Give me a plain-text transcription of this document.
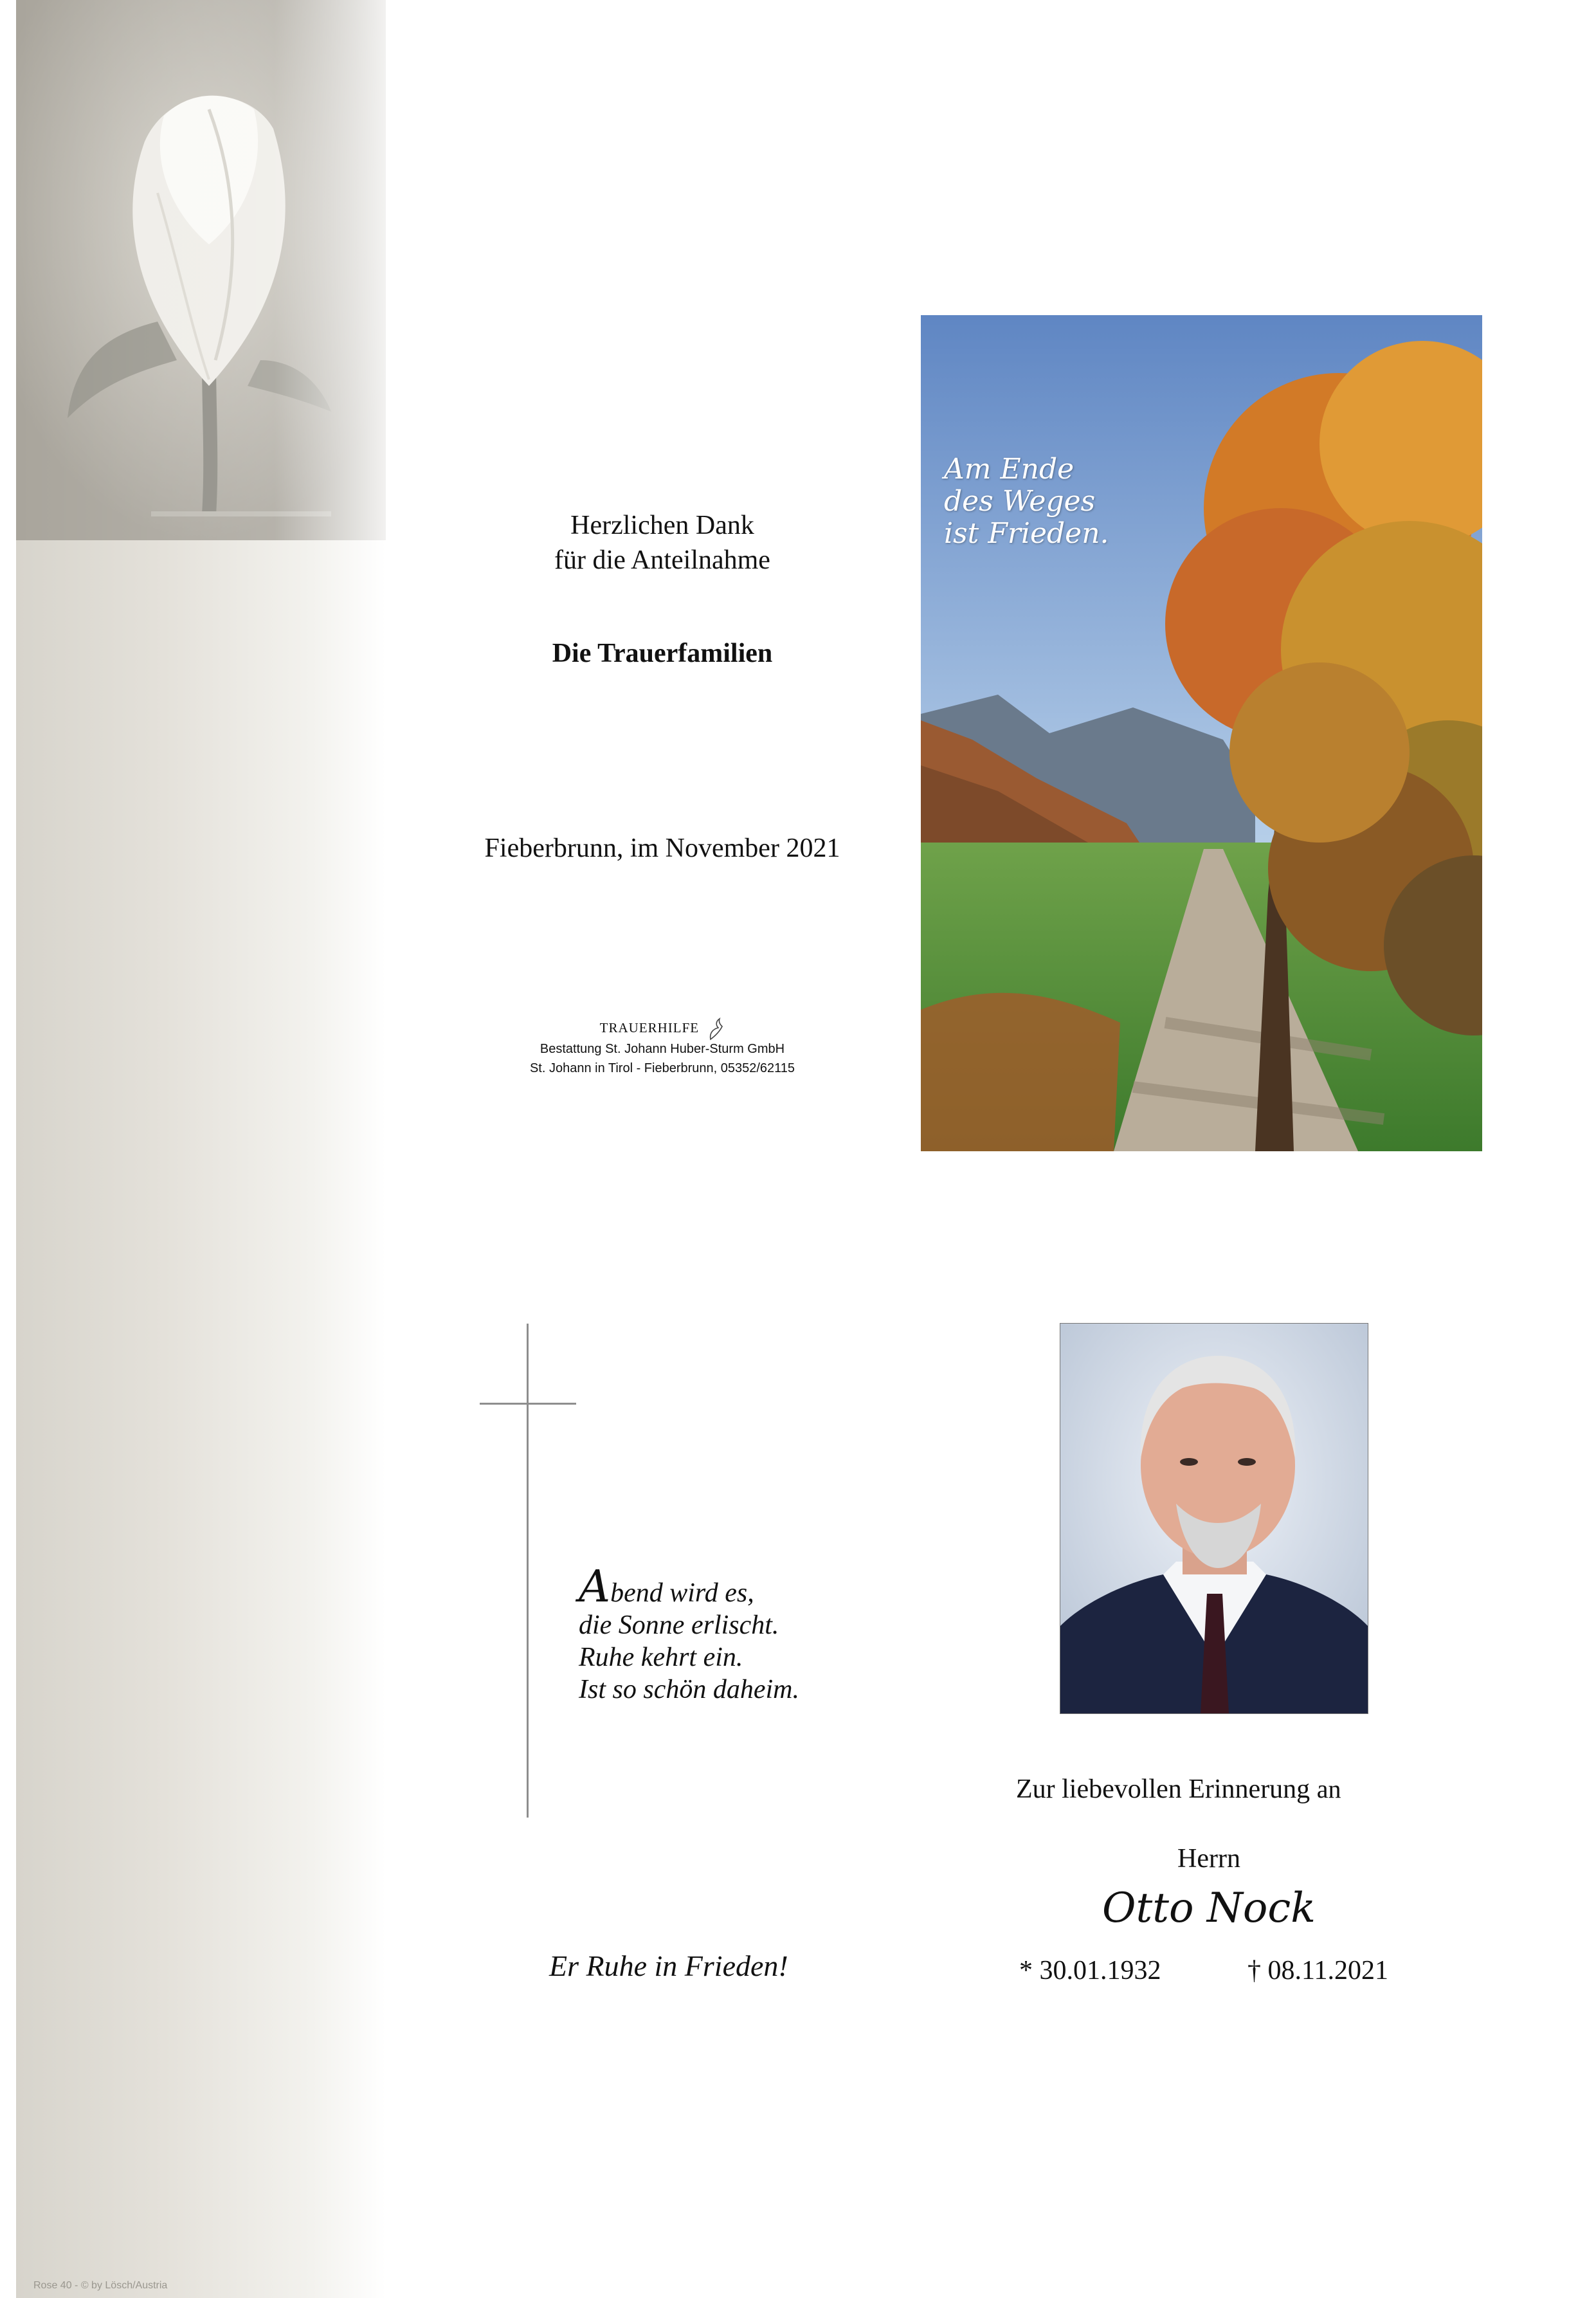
Rose 40 - © by Lösch/Austria
Herzlichen Dank
für die Anteilnahme
Die Trauerfamilien
Fieberbrunn, im November 2021
TRAUERHILFE
Bestattung St. Johann Huber-Sturm GmbH
St. Johann in Tirol - Fieberbrunn, 05352/62115
Am Ende
des Weges
ist Frieden.
Abend wird es,
die Sonne erlischt.
Ruhe kehrt ein.
Ist so schön daheim.
Er Ruhe in Frieden!
Zur liebevollen Erinnerung an
Herrn
Otto Nock
* 30.01.1932	† 08.11.2021
